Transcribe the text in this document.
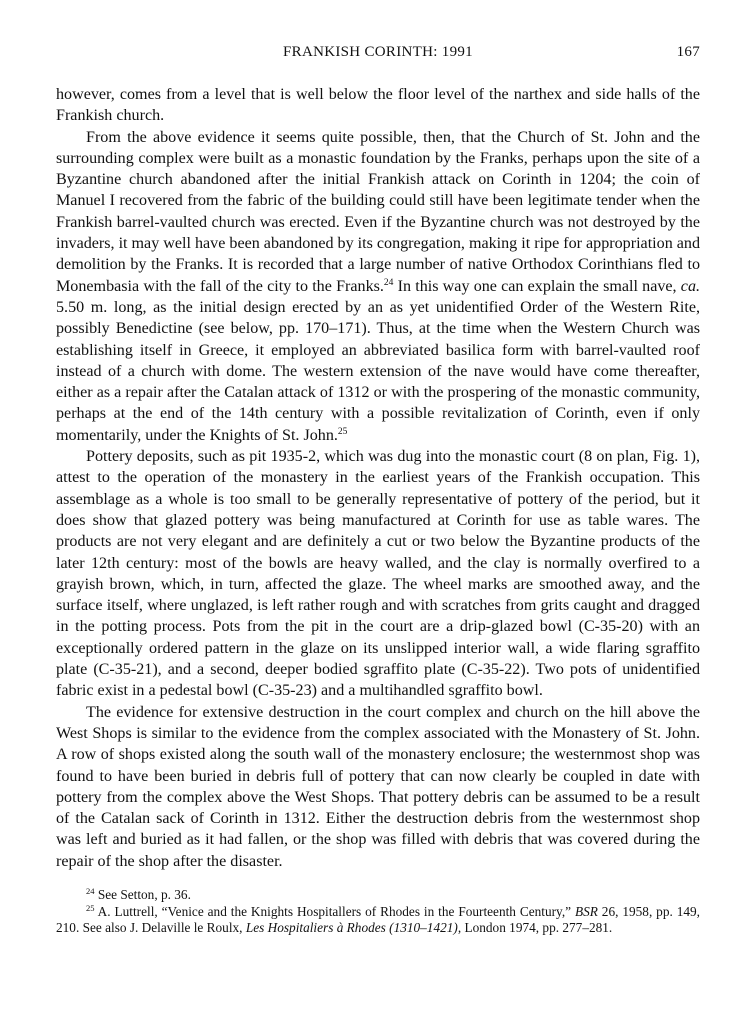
FRANKISH CORINTH: 1991	167

however, comes from a level that is well below the floor level of the narthex and side halls of the Frankish church.

From the above evidence it seems quite possible, then, that the Church of St. John and the surrounding complex were built as a monastic foundation by the Franks, perhaps upon the site of a Byzantine church abandoned after the initial Frankish attack on Corinth in 1204; the coin of Manuel I recovered from the fabric of the building could still have been legitimate tender when the Frankish barrel-vaulted church was erected. Even if the Byzantine church was not destroyed by the invaders, it may well have been abandoned by its congregation, making it ripe for appropriation and demolition by the Franks. It is recorded that a large number of native Orthodox Corinthians fled to Monembasia with the fall of the city to the Franks.$^{24}$ In this way one can explain the small nave, ca. 5.50 m. long, as the initial design erected by an as yet unidentified Order of the Western Rite, possibly Benedictine (see below, pp. 170–171). Thus, at the time when the Western Church was establishing itself in Greece, it employed an abbreviated basilica form with barrel-vaulted roof instead of a church with dome. The western extension of the nave would have come thereafter, either as a repair after the Catalan attack of 1312 or with the prospering of the monastic community, perhaps at the end of the 14th century with a possible revitalization of Corinth, even if only momentarily, under the Knights of St. John.$^{25}$

Pottery deposits, such as pit 1935-2, which was dug into the monastic court (8 on plan, Fig. 1), attest to the operation of the monastery in the earliest years of the Frankish occupation. This assemblage as a whole is too small to be generally representative of pottery of the period, but it does show that glazed pottery was being manufactured at Corinth for use as table wares. The products are not very elegant and are definitely a cut or two below the Byzantine products of the later 12th century: most of the bowls are heavy walled, and the clay is normally overfired to a grayish brown, which, in turn, affected the glaze. The wheel marks are smoothed away, and the surface itself, where unglazed, is left rather rough and with scratches from grits caught and dragged in the potting process. Pots from the pit in the court are a drip-glazed bowl (C-35-20) with an exceptionally ordered pattern in the glaze on its unslipped interior wall, a wide flaring sgraffito plate (C-35-21), and a second, deeper bodied sgraffito plate (C-35-22). Two pots of unidentified fabric exist in a pedestal bowl (C-35-23) and a multihandled sgraffito bowl.

The evidence for extensive destruction in the court complex and church on the hill above the West Shops is similar to the evidence from the complex associated with the Monastery of St. John. A row of shops existed along the south wall of the monastery enclosure; the westernmost shop was found to have been buried in debris full of pottery that can now clearly be coupled in date with pottery from the complex above the West Shops. That pottery debris can be assumed to be a result of the Catalan sack of Corinth in 1312. Either the destruction debris from the westernmost shop was left and buried as it had fallen, or the shop was filled with debris that was covered during the repair of the shop after the disaster.

$^{24}$ See Setton, p. 36.

$^{25}$ A. Luttrell, “Venice and the Knights Hospitallers of Rhodes in the Fourteenth Century,” BSR 26, 1958, pp. 149, 210. See also J. Delaville le Roulx, Les Hospitaliers à Rhodes (1310–1421), London 1974, pp. 277–281.
